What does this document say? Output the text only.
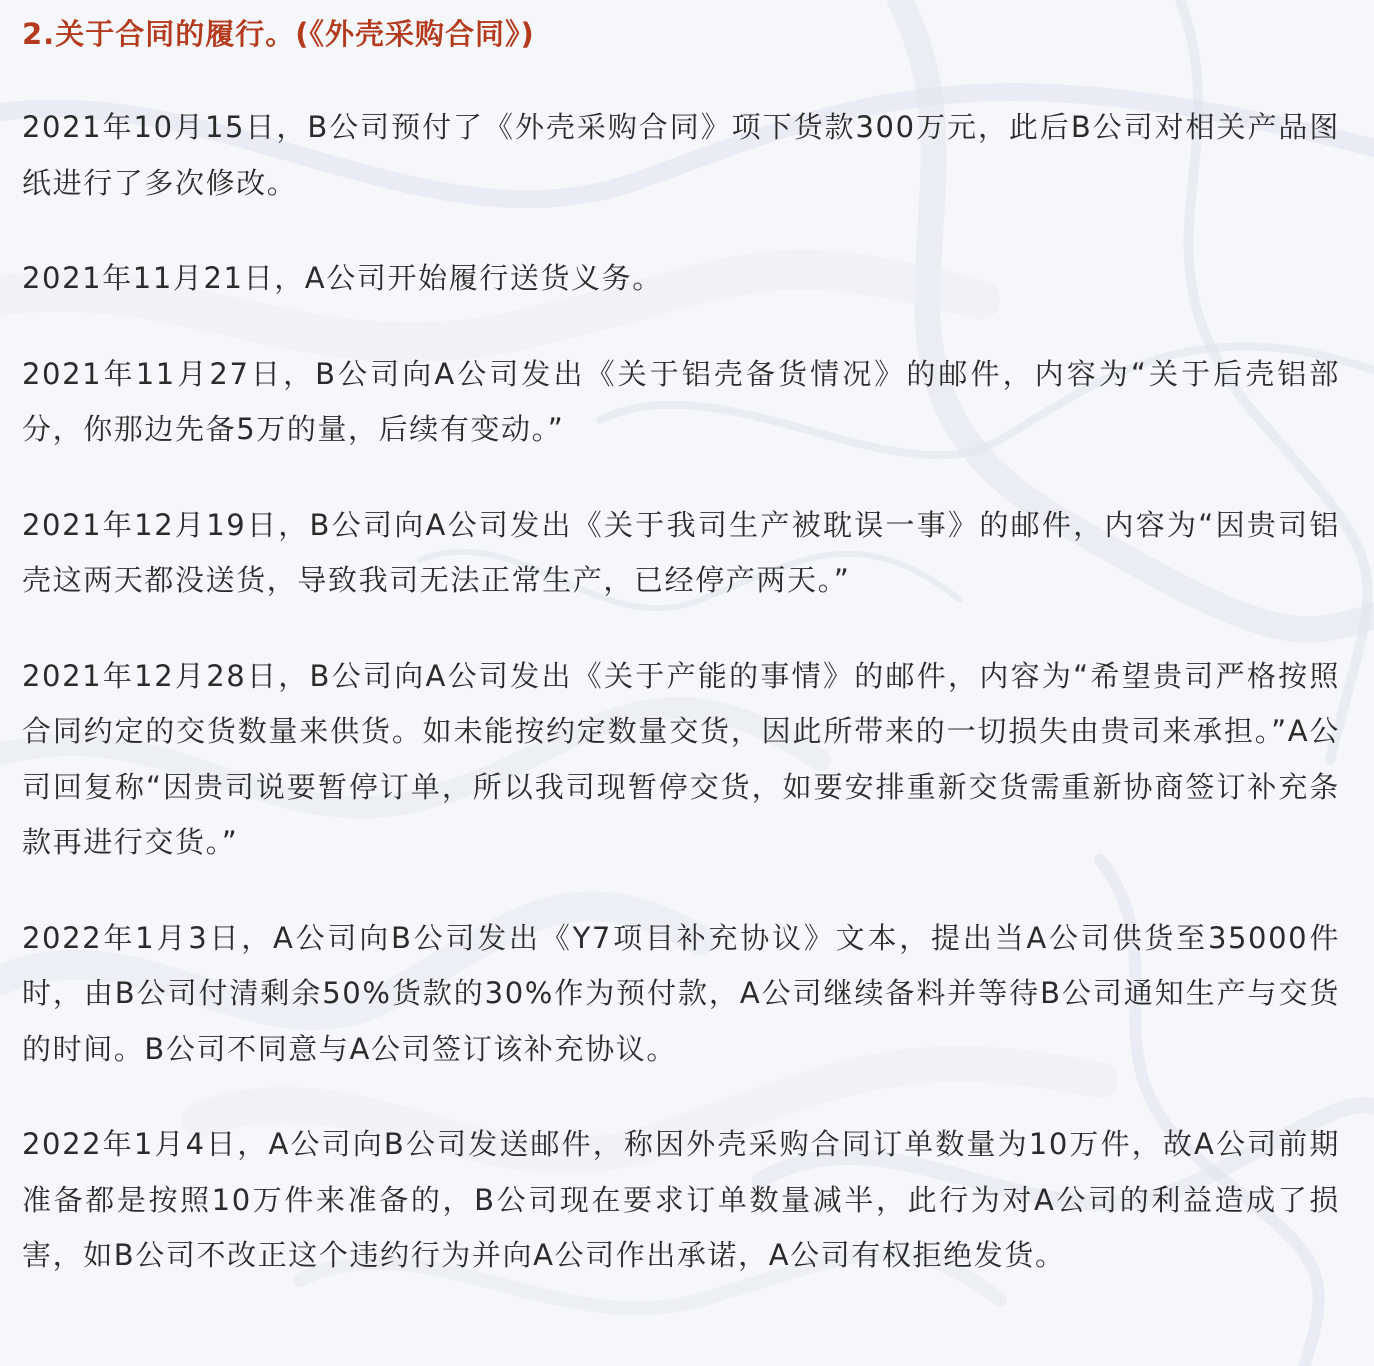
2.关于合同的履行。(《外壳采购合同》)

2021年10月15日，B公司预付了《外壳采购合同》项下货款300万元，此后B公司对相关产品图纸进行了多次修改。

2021年11月21日，A公司开始履行送货义务。

2021年11月27日，B公司向A公司发出《关于铝壳备货情况》的邮件，内容为“关于后壳铝部分，你那边先备5万的量，后续有变动。”

2021年12月19日，B公司向A公司发出《关于我司生产被耽误一事》的邮件，内容为“因贵司铝壳这两天都没送货，导致我司无法正常生产，已经停产两天。”

2021年12月28日，B公司向A公司发出《关于产能的事情》的邮件，内容为“希望贵司严格按照合同约定的交货数量来供货。如未能按约定数量交货，因此所带来的一切损失由贵司来承担。”A公司回复称“因贵司说要暂停订单，所以我司现暂停交货，如要安排重新交货需重新协商签订补充条款再进行交货。”

2022年1月3日，A公司向B公司发出《Y7项目补充协议》文本，提出当A公司供货至35000件时，由B公司付清剩余50%货款的30%作为预付款，A公司继续备料并等待B公司通知生产与交货的时间。B公司不同意与A公司签订该补充协议。

2022年1月4日，A公司向B公司发送邮件，称因外壳采购合同订单数量为10万件，故A公司前期准备都是按照10万件来准备的，B公司现在要求订单数量减半，此行为对A公司的利益造成了损害，如B公司不改正这个违约行为并向A公司作出承诺，A公司有权拒绝发货。
